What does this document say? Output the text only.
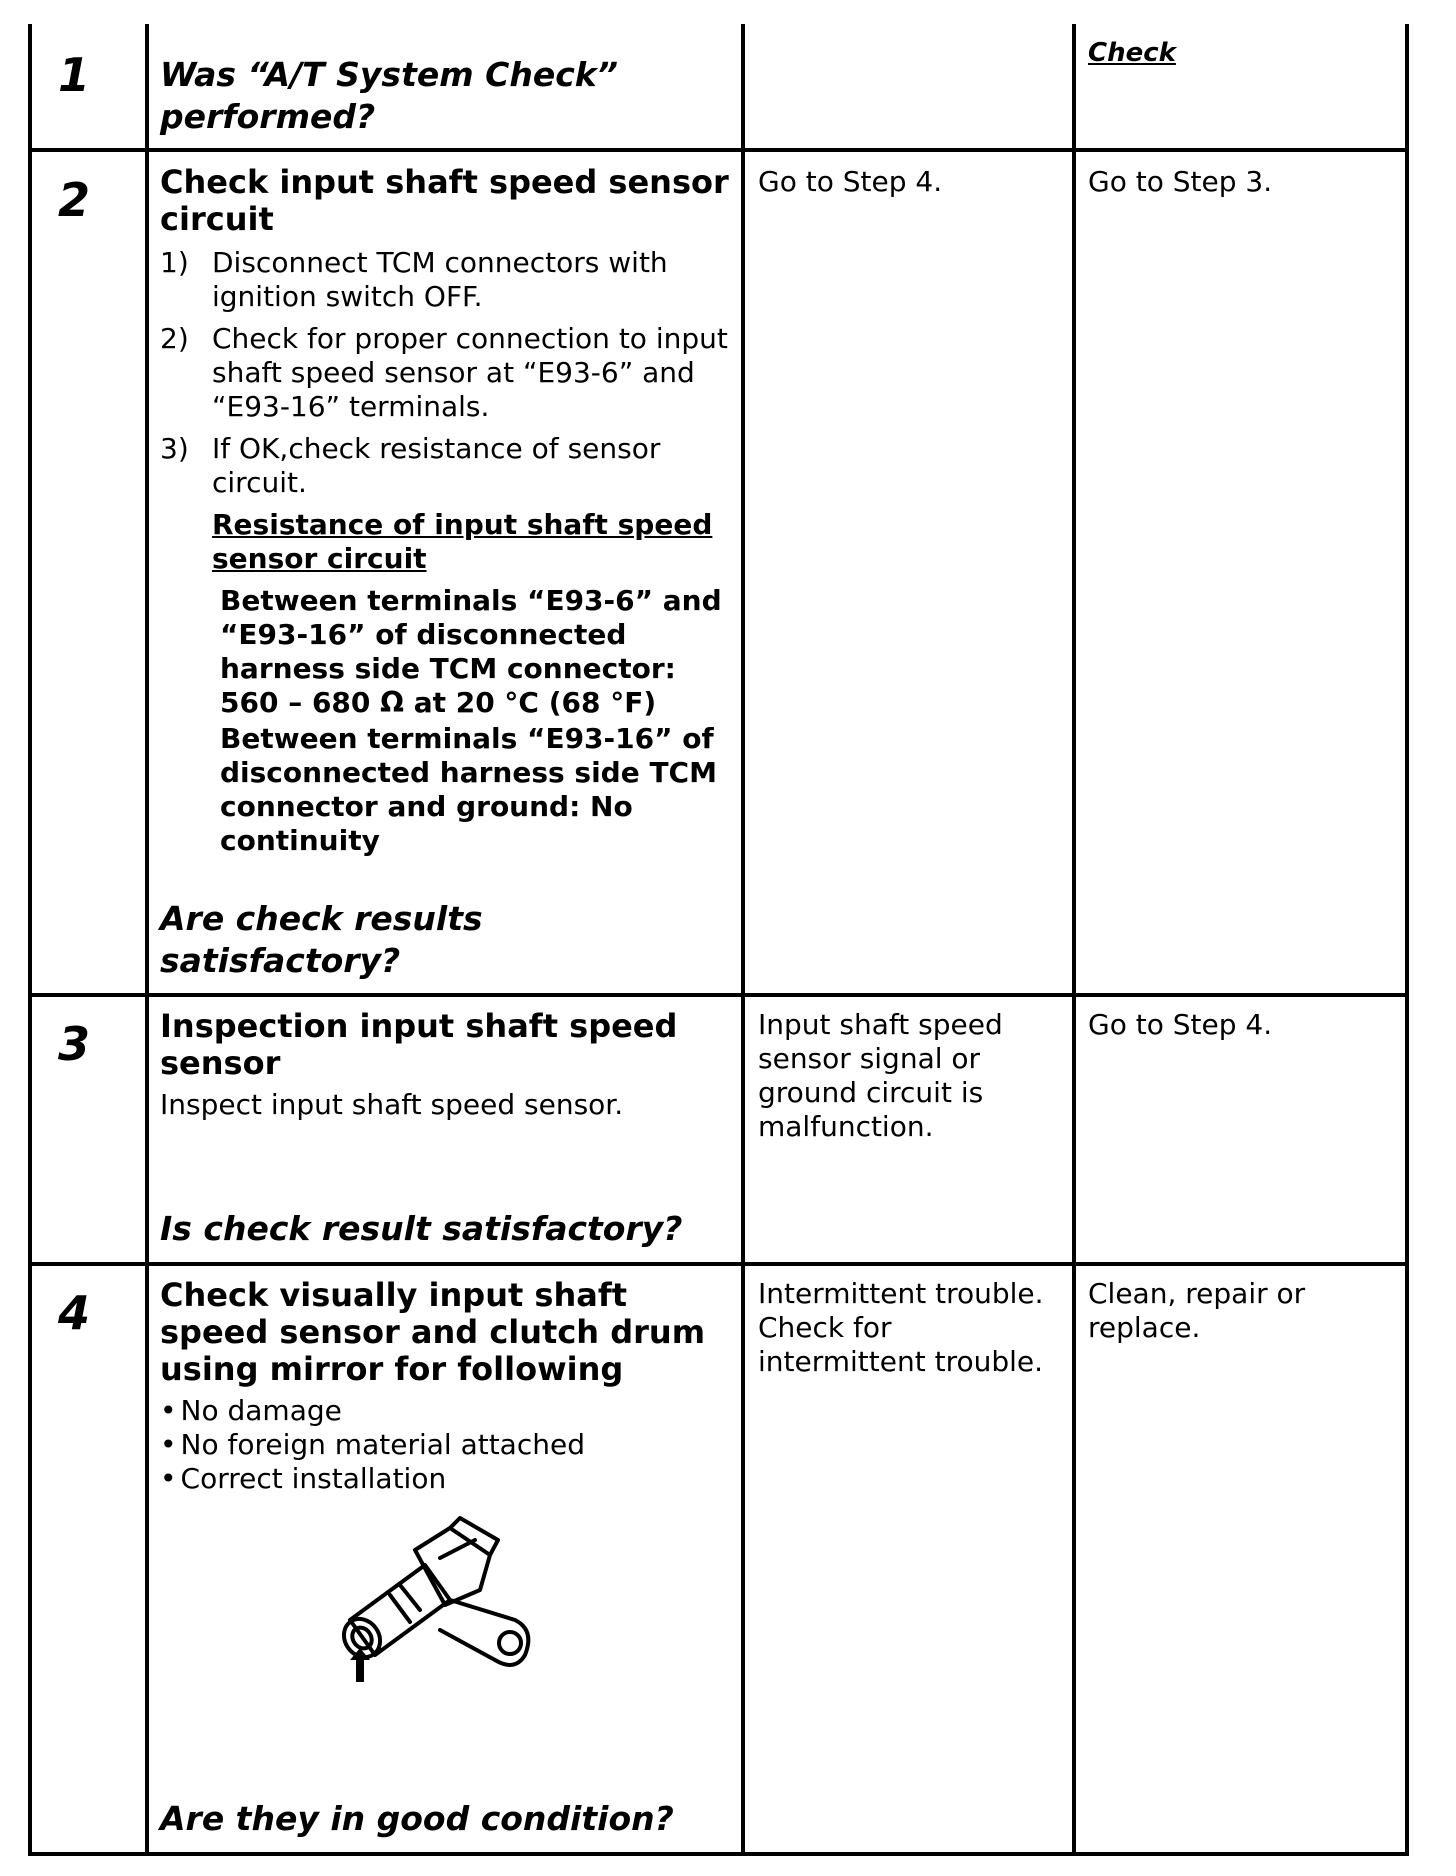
1 Was “A/T System Check” performed?
Check
2 Check input shaft speed sensor circuit
1) Disconnect TCM connectors with ignition switch OFF.
2) Check for proper connection to input shaft speed sensor at “E93-6” and “E93-16” terminals.
3) If OK,check resistance of sensor circuit.
Resistance of input shaft speed sensor circuit
Between terminals “E93-6” and “E93-16” of disconnected harness side TCM connector: 560 – 680 Ω at 20 °C (68 °F)
Between terminals “E93-16” of disconnected harness side TCM connector and ground: No continuity
Are check results satisfactory?
Go to Step 4.	Go to Step 3.
3 Inspection input shaft speed sensor
Inspect input shaft speed sensor.
Is check result satisfactory?
Input shaft speed sensor signal or ground circuit is malfunction.
Go to Step 4.
4 Check visually input shaft speed sensor and clutch drum using mirror for following
• No damage
• No foreign material attached
• Correct installation
Are they in good condition?
Intermittent trouble. Check for intermittent trouble.
Clean, repair or replace.
